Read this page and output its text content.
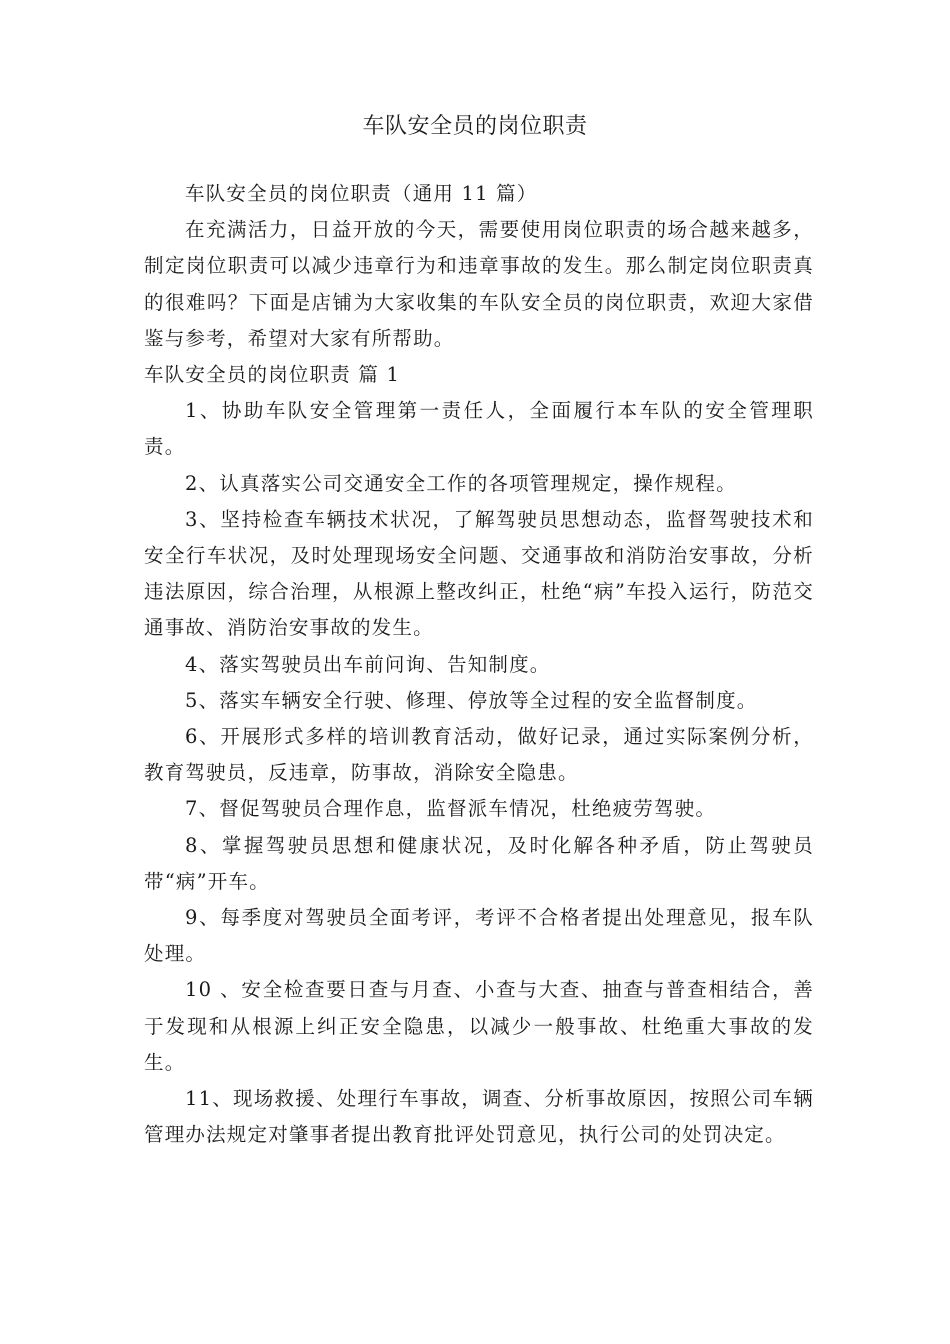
车队安全员的岗位职责

车队安全员的岗位职责（通用 11 篇）

在充满活力，日益开放的今天，需要使用岗位职责的场合越来越多，制定岗位职责可以减少违章行为和违章事故的发生。那么制定岗位职责真的很难吗？下面是店铺为大家收集的车队安全员的岗位职责，欢迎大家借鉴与参考，希望对大家有所帮助。

车队安全员的岗位职责 篇 1

1、协助车队安全管理第一责任人，全面履行本车队的安全管理职责。

2、认真落实公司交通安全工作的各项管理规定，操作规程。

3、坚持检查车辆技术状况，了解驾驶员思想动态，监督驾驶技术和安全行车状况，及时处理现场安全问题、交通事故和消防治安事故，分析违法原因，综合治理，从根源上整改纠正，杜绝“病”车投入运行，防范交通事故、消防治安事故的发生。

4、落实驾驶员出车前问询、告知制度。

5、落实车辆安全行驶、修理、停放等全过程的安全监督制度。

6、开展形式多样的培训教育活动，做好记录，通过实际案例分析，教育驾驶员，反违章，防事故，消除安全隐患。

7、督促驾驶员合理作息，监督派车情况，杜绝疲劳驾驶。

8、掌握驾驶员思想和健康状况，及时化解各种矛盾，防止驾驶员带“病”开车。

9、每季度对驾驶员全面考评，考评不合格者提出处理意见，报车队处理。

10 、安全检查要日查与月查、小查与大查、抽查与普查相结合，善于发现和从根源上纠正安全隐患，以减少一般事故、杜绝重大事故的发生。

11、现场救援、处理行车事故，调查、分析事故原因，按照公司车辆管理办法规定对肇事者提出教育批评处罚意见，执行公司的处罚决定。
